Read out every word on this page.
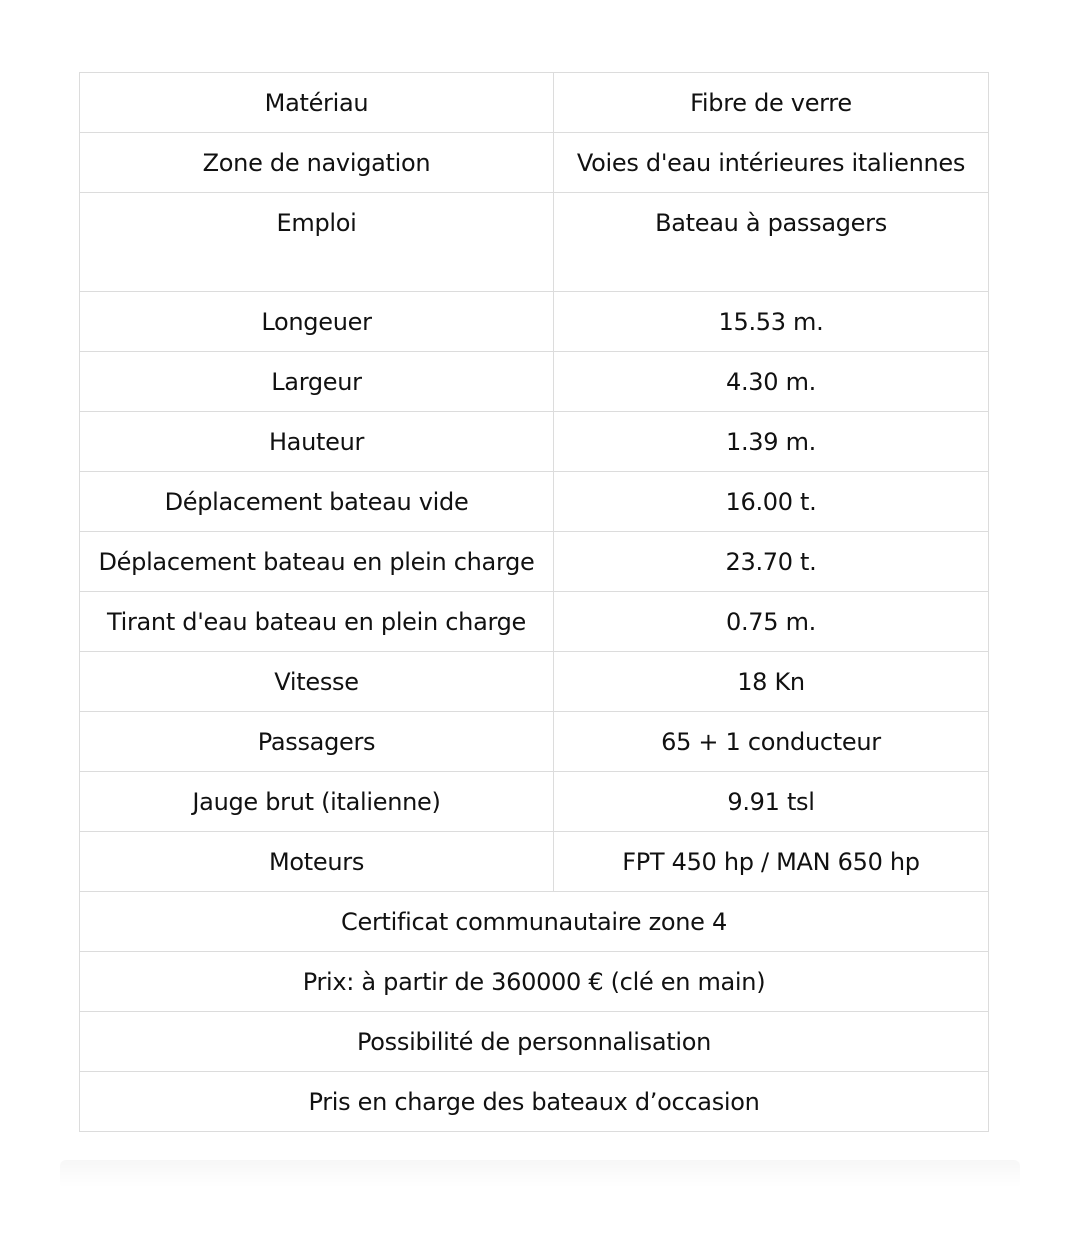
Matériau	Fibre de verre
Zone de navigation	Voies d'eau intérieures italiennes
Emploi	Bateau à passagers
Longeuer	15.53 m.
Largeur	4.30 m.
Hauteur	1.39 m.
Déplacement bateau vide	16.00 t.
Déplacement bateau en plein charge	23.70 t.
Tirant d'eau bateau en plein charge	0.75 m.
Vitesse	18 Kn
Passagers	65 + 1 conducteur
Jauge brut (italienne)	9.91 tsl
Moteurs	FPT 450 hp / MAN 650 hp
Certificat communautaire zone 4	
Prix: à partir de 360000 € (clé en main)	
Possibilité de personnalisation	
Pris en charge des bateaux d’occasion	
